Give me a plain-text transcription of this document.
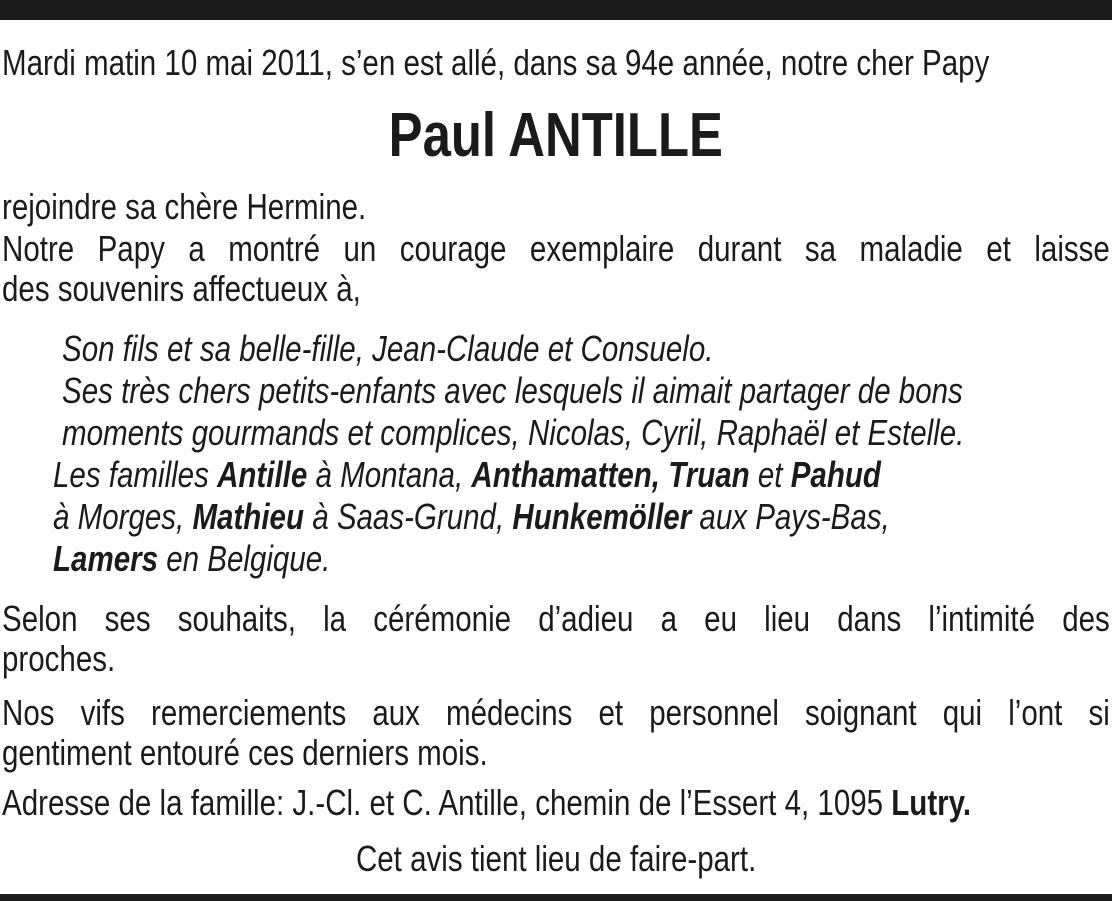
Mardi matin 10 mai 2011, s’en est allé, dans sa 94e année, notre cher Papy
Paul ANTILLE
rejoindre sa chère Hermine.
Notre Papy a montré un courage exemplaire durant sa maladie et laisse
des souvenirs affectueux à,
Son fils et sa belle-fille, Jean-Claude et Consuelo.
Ses très chers petits-enfants avec lesquels il aimait partager de bons
moments gourmands et complices, Nicolas, Cyril, Raphaël et Estelle.
Les familles Antille à Montana, Anthamatten, Truan et Pahud
à Morges, Mathieu à Saas-Grund, Hunkemöller aux Pays-Bas,
Lamers en Belgique.
Selon ses souhaits, la cérémonie d’adieu a eu lieu dans l’intimité des
proches.
Nos vifs remerciements aux médecins et personnel soignant qui l’ont si
gentiment entouré ces derniers mois.
Adresse de la famille: J.-Cl. et C. Antille, chemin de l’Essert 4, 1095 Lutry.
Cet avis tient lieu de faire-part.
